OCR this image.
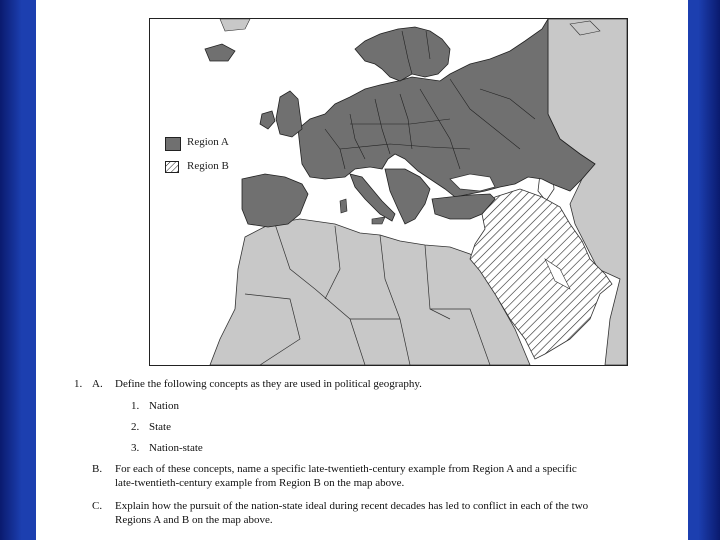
Region A
Region B
1. A. Define the following concepts as they are used in political geography.
1. Nation
2. State
3. Nation-state
B. For each of these concepts, name a specific late-twentieth-century example from Region A and a specific
late-twentieth-century example from Region B on the map above.
C. Explain how the pursuit of the nation-state ideal during recent decades has led to conflict in each of the two
Regions A and B on the map above.
